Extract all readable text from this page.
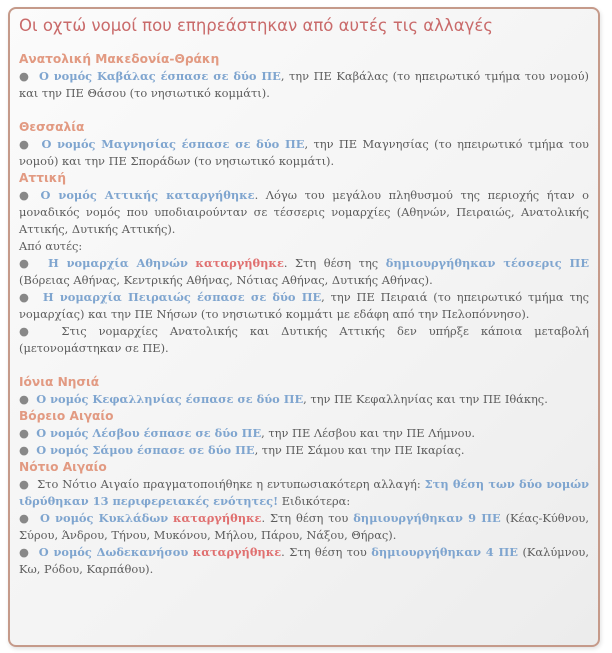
Οι οχτώ νομοί που επηρεάστηκαν από αυτές τις αλλαγές
Ανατολική Μακεδονία-Θράκη

● Ο νομός Καβάλας έσπασε σε δύο ΠΕ, την ΠΕ Καβάλας (το ηπειρωτικό τμήμα του νομού) και την ΠΕ Θάσου (το νησιωτικό κομμάτι).

Θεσσαλία

● Ο νομός Μαγνησίας έσπασε σε δύο ΠΕ, την ΠΕ Μαγνησίας (το ηπειρωτικό τμήμα του νομού) και την ΠΕ Σποράδων (το νησιωτικό κομμάτι).

Αττική

● Ο νομός Αττικής καταργήθηκε. Λόγω του μεγάλου πληθυσμού της περιοχής ήταν ο μοναδικός νομός που υποδιαιρούνταν σε τέσσερις νομαρχίες (Αθηνών, Πειραιώς, Ανατολικής Αττικής, Δυτικής Αττικής).

Από αυτές:

● Η νομαρχία Αθηνών καταργήθηκε. Στη θέση της δημιουργήθηκαν τέσσερις ΠΕ (Βόρειας Αθήνας, Κεντρικής Αθήνας, Νότιας Αθήνας, Δυτικής Αθήνας).

● Η νομαρχία Πειραιώς έσπασε σε δύο ΠΕ, την ΠΕ Πειραιά (το ηπειρωτικό τμήμα της νομαρχίας) και την ΠΕ Νήσων (το νησιωτικό κομμάτι με εδάφη από την Πελοπόννησο).

● Στις νομαρχίες Ανατολικής και Δυτικής Αττικής δεν υπήρξε κάποια μεταβολή (μετονομάστηκαν σε ΠΕ).

Ιόνια Νησιά

● Ο νομός Κεφαλληνίας έσπασε σε δύο ΠΕ, την ΠΕ Κεφαλληνίας και την ΠΕ Ιθάκης.

Βόρειο Αιγαίο

● Ο νομός Λέσβου έσπασε σε δύο ΠΕ, την ΠΕ Λέσβου και την ΠΕ Λήμνου.

● Ο νομός Σάμου έσπασε σε δύο ΠΕ, την ΠΕ Σάμου και την ΠΕ Ικαρίας.

Νότιο Αιγαίο

● Στο Νότιο Αιγαίο πραγματοποιήθηκε η εντυπωσιακότερη αλλαγή: Στη θέση των δύο νομών ιδρύθηκαν 13 περιφερειακές ενότητες! Ειδικότερα:

● Ο νομός Κυκλάδων καταργήθηκε. Στη θέση του δημιουργήθηκαν 9 ΠΕ (Κέας-Κύθνου, Σύρου, Άνδρου, Τήνου, Μυκόνου, Μήλου, Πάρου, Νάξου, Θήρας).

● Ο νομός Δωδεκανήσου καταργήθηκε. Στη θέση του δημιουργήθηκαν 4 ΠΕ (Καλύμνου, Κω, Ρόδου, Καρπάθου).
